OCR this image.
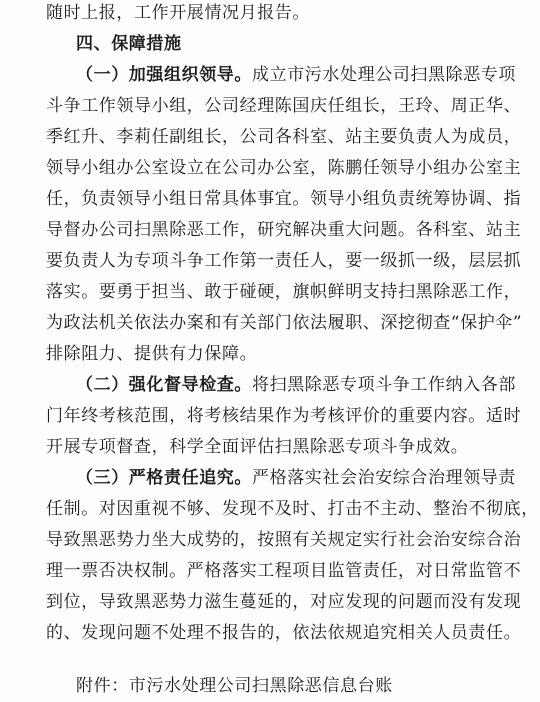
随时上报，工作开展情况月报告。
四、保障措施
（一）加强组织领导。成立市污水处理公司扫黑除恶专项
斗争工作领导小组，公司经理陈国庆任组长，王玲、周正华、
季红升、李莉任副组长，公司各科室、站主要负责人为成员，
领导小组办公室设立在公司办公室，陈鹏任领导小组办公室主
任，负责领导小组日常具体事宜。领导小组负责统筹协调、指
导督办公司扫黑除恶工作，研究解决重大问题。各科室、站主
要负责人为专项斗争工作第一责任人，要一级抓一级，层层抓
落实。要勇于担当、敢于碰硬，旗帜鲜明支持扫黑除恶工作，
为政法机关依法办案和有关部门依法履职、深挖彻查“保护伞”
排除阻力、提供有力保障。
（二）强化督导检查。将扫黑除恶专项斗争工作纳入各部
门年终考核范围，将考核结果作为考核评价的重要内容。适时
开展专项督查，科学全面评估扫黑除恶专项斗争成效。
（三）严格责任追究。严格落实社会治安综合治理领导责
任制。对因重视不够、发现不及时、打击不主动、整治不彻底，
导致黑恶势力坐大成势的，按照有关规定实行社会治安综合治
理一票否决权制。严格落实工程项目监管责任，对日常监管不
到位，导致黑恶势力滋生蔓延的，对应发现的问题而没有发现
的、发现问题不处理不报告的，依法依规追究相关人员责任。
附件：市污水处理公司扫黑除恶信息台账
